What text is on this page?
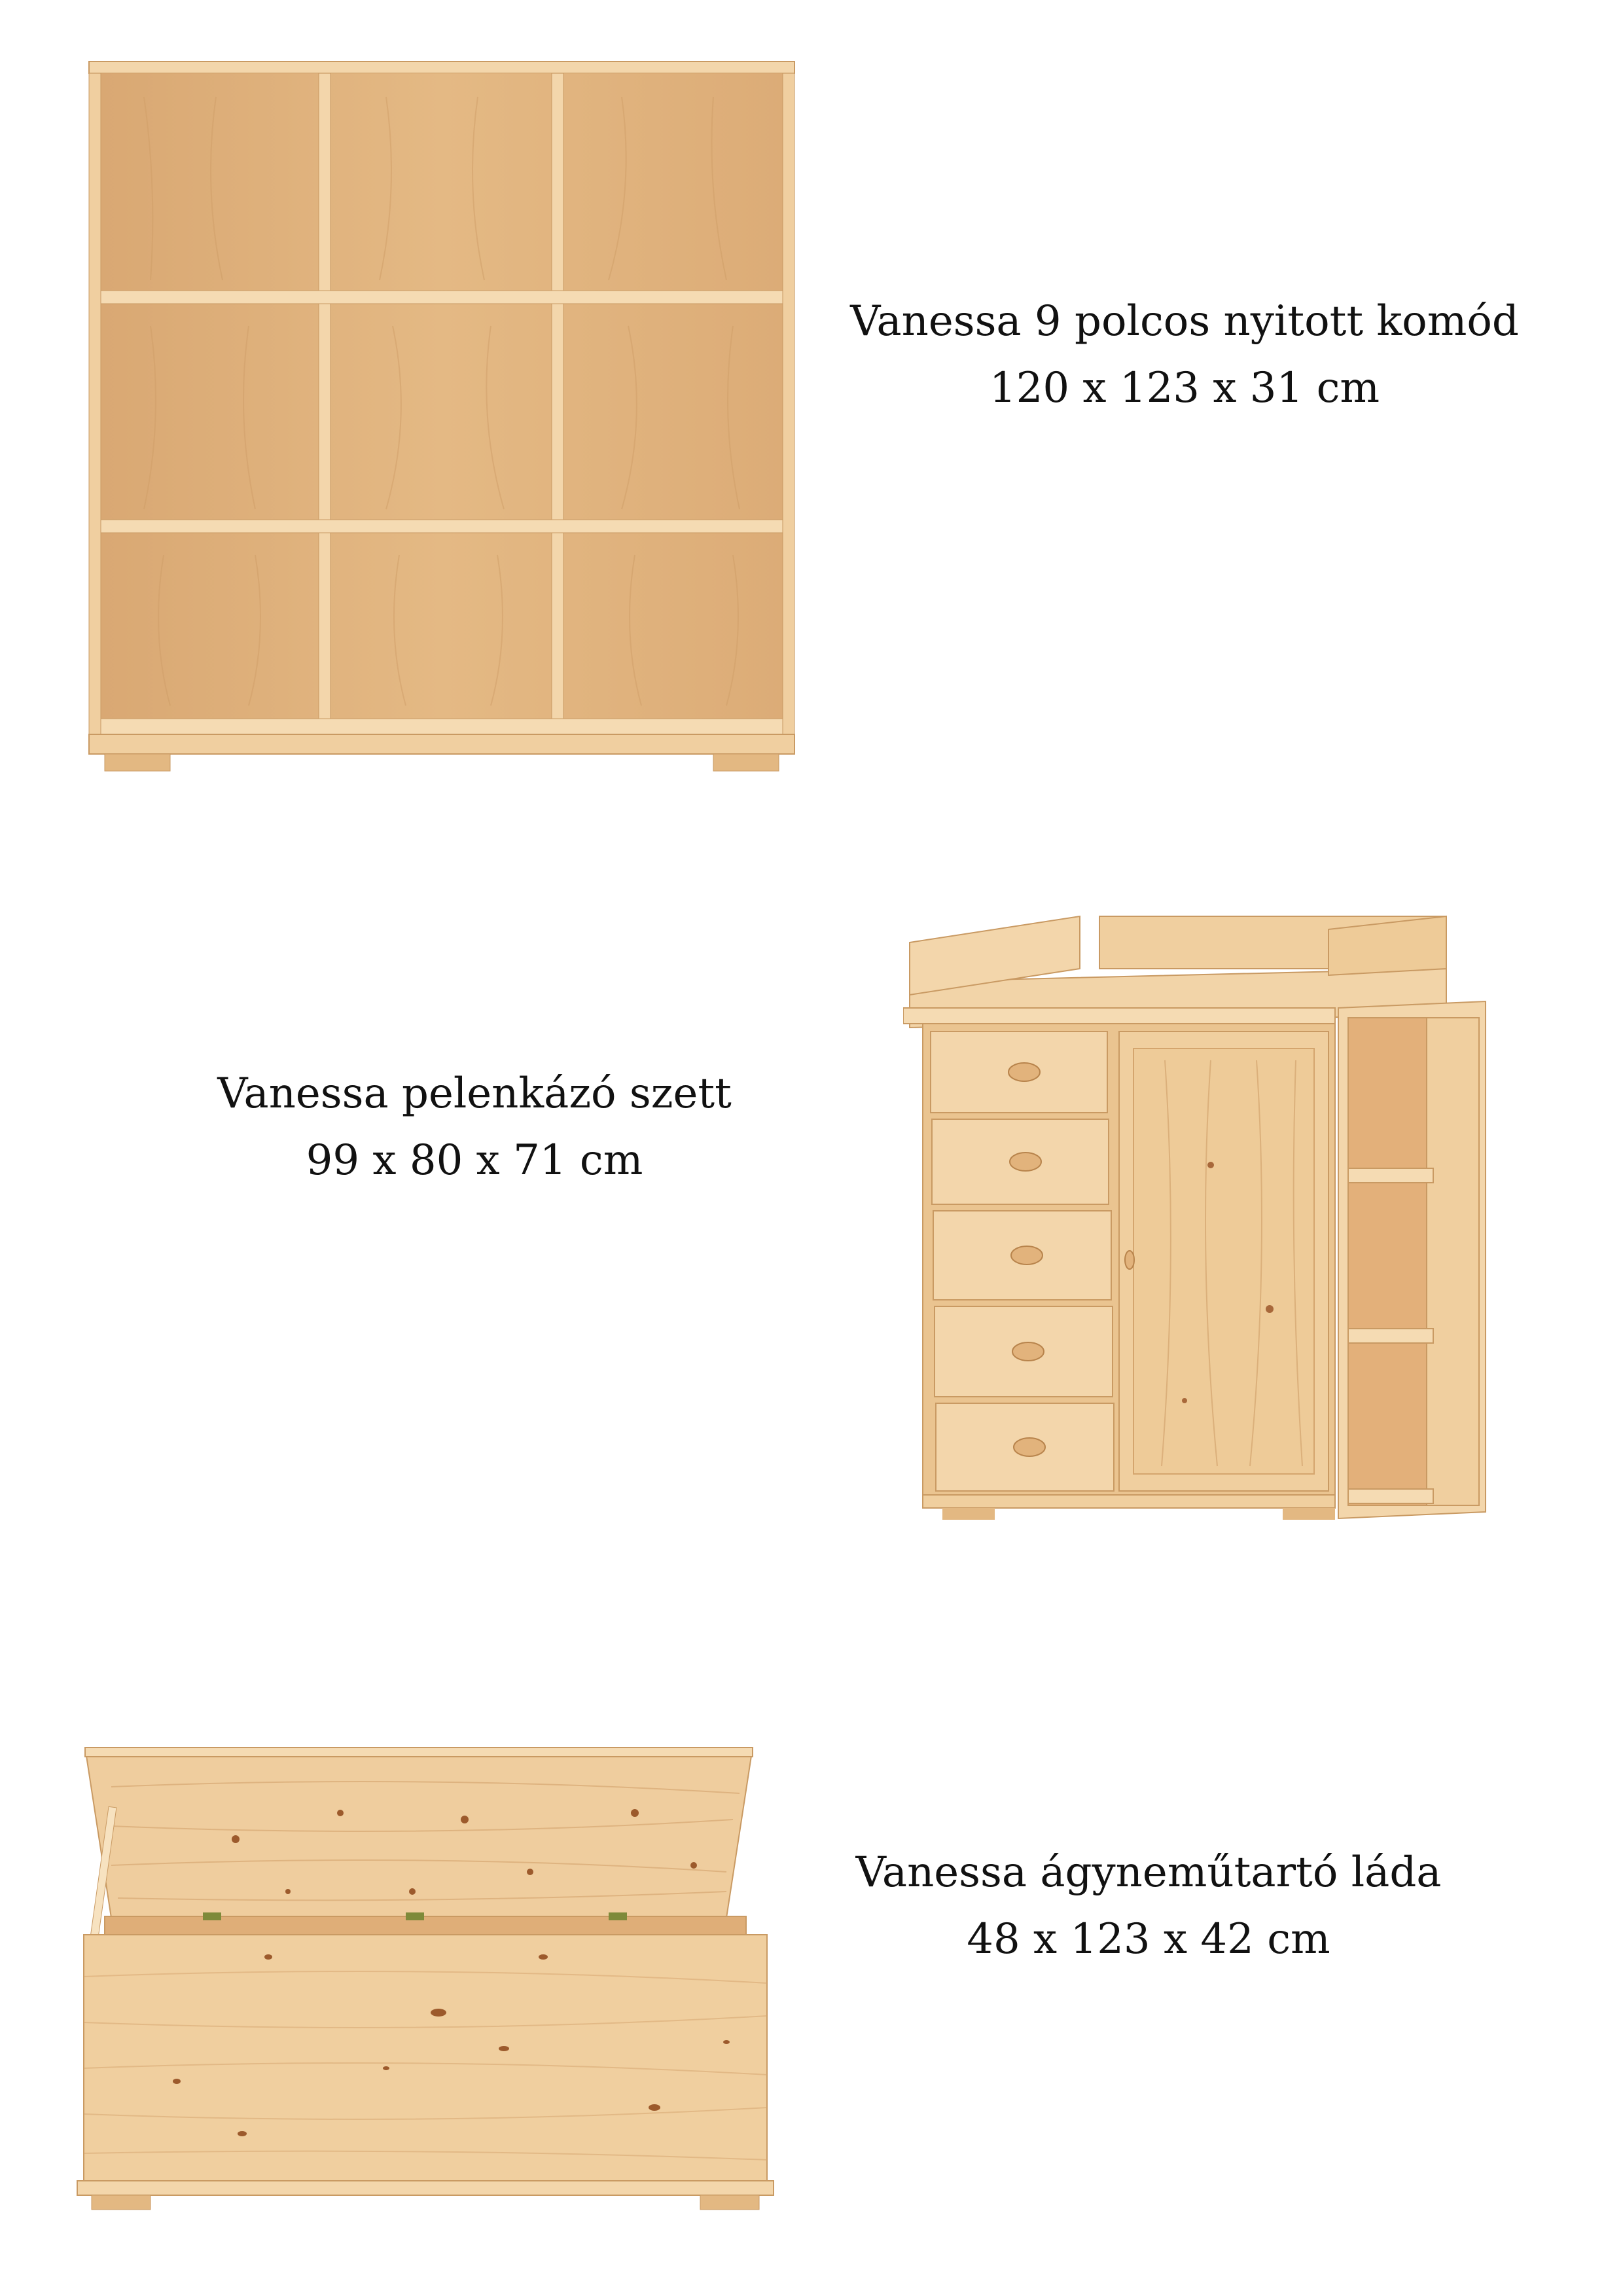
Vanessa 9 polcos nyitott komód
120 x 123 x 31 cm
Vanessa pelenkázó szett
99 x 80 x 71 cm
Vanessa ágyneműtartó láda
48 x 123 x 42 cm
